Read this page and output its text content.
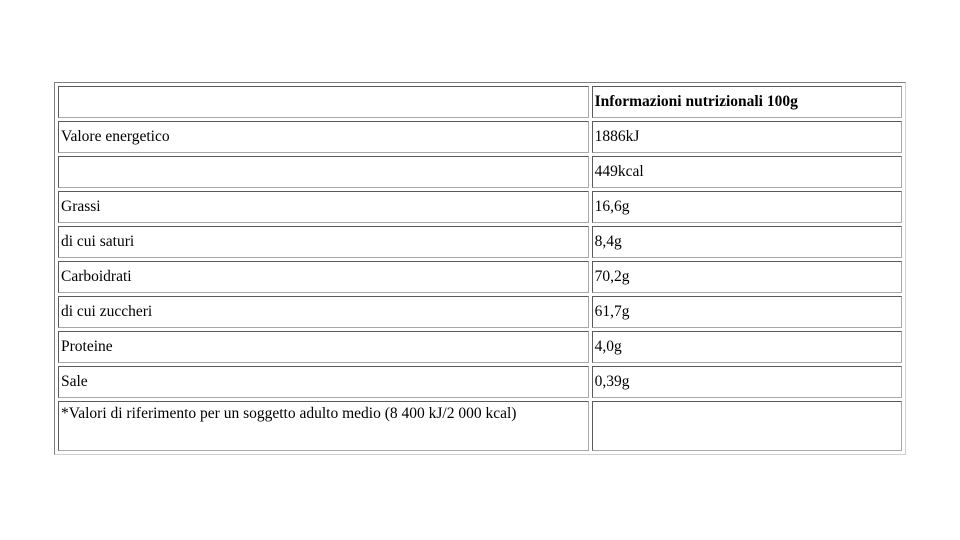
	Informazioni nutrizionali 100g
Valore energetico	1886kJ
	449kcal
Grassi	16,6g
di cui saturi	8,4g
Carboidrati	70,2g
di cui zuccheri	61,7g
Proteine	4,0g
Sale	0,39g
*Valori di riferimento per un soggetto adulto medio (8 400 kJ/2 000 kcal)	
